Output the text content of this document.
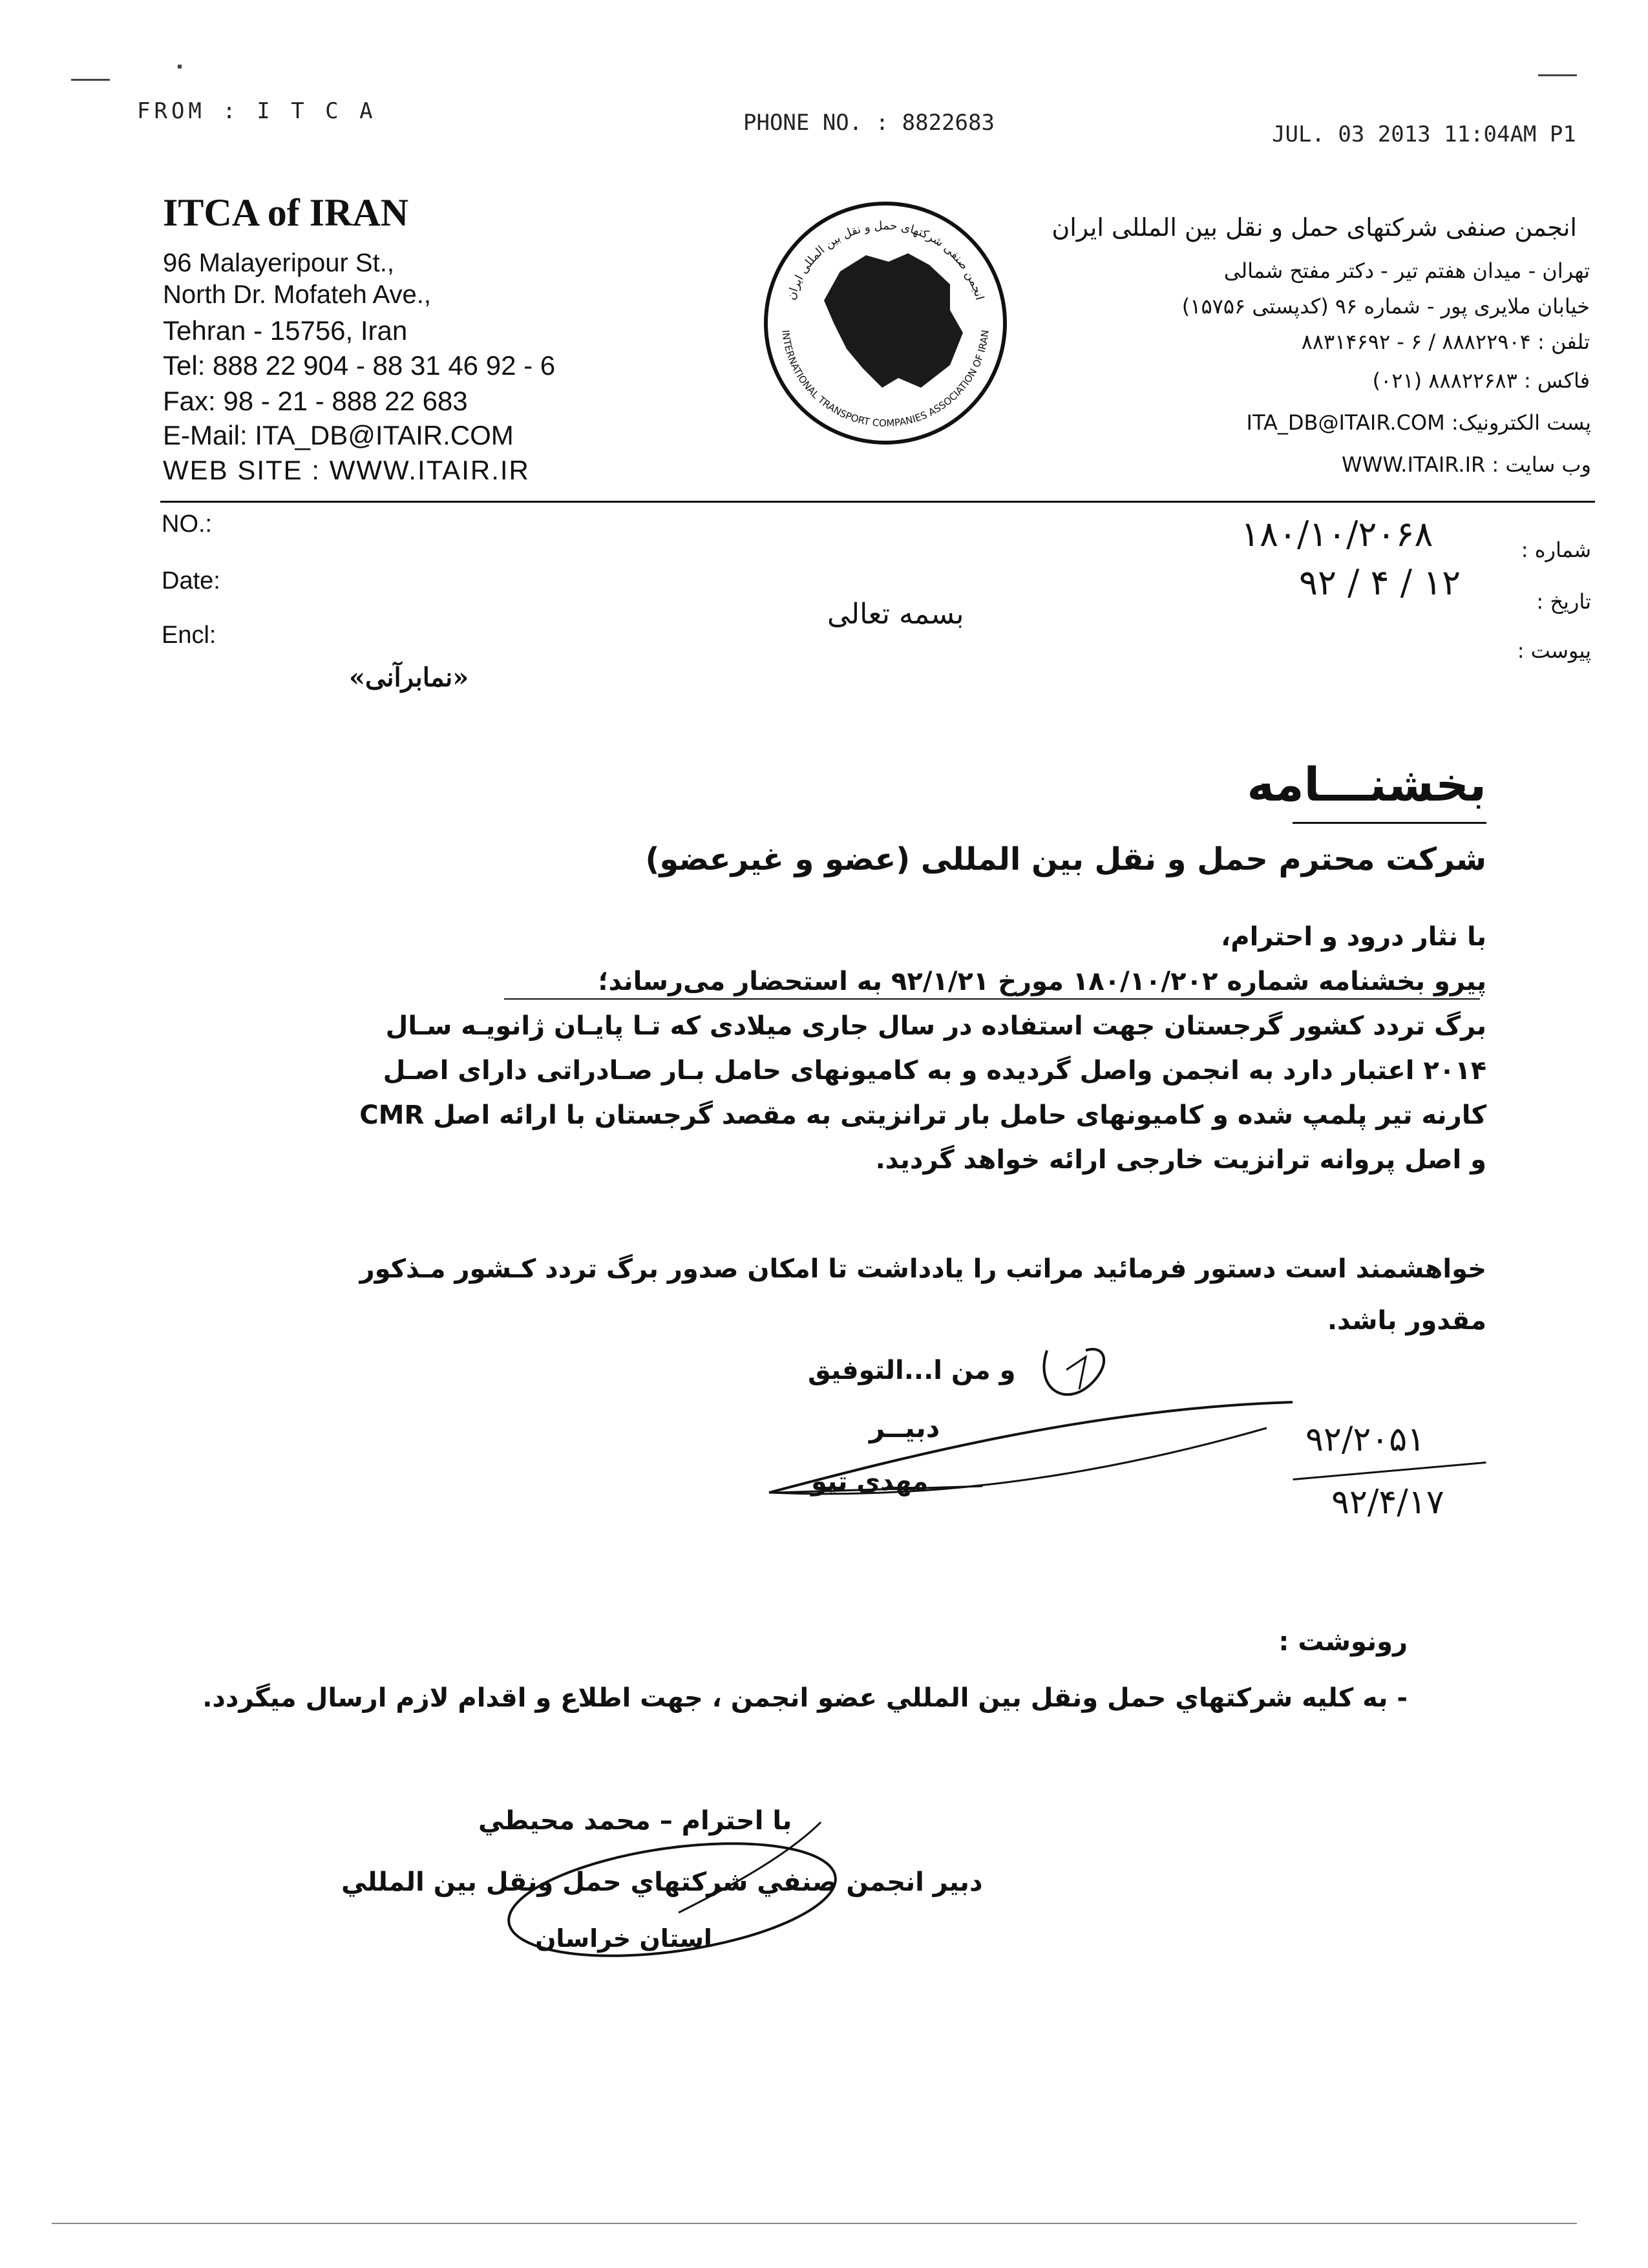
FROM : I T C A	PHONE NO. : 8822683	JUL. 03 2013 11:04AM P1
ITCA of IRAN
96 Malayeripour St.,
North Dr. Mofateh Ave.,
Tehran - 15756, Iran
Tel: 888 22 904 - 88 31 46 92 - 6
Fax: 98 - 21 - 888 22 683
E-Mail: ITA_DB@ITAIR.COM
WEB SITE : WWW.ITAIR.IR
انجمن صنفی شرکتهای حمل و نقل بین المللی ایران
INTERNATIONAL TRANSPORT COMPANIES ASSOCIATION OF IRAN
انجمن صنفی شرکتهای حمل و نقل بین المللی ایران
تهران - میدان هفتم تیر - دکتر مفتح شمالی
خیابان ملایری پور - شماره ۹۶ (کدپستی ۱۵۷۵۶)
تلفن : ۸۸۸۲۲۹۰۴ / ۶ - ۸۸۳۱۴۶۹۲
فاکس : ۸۸۸۲۲۶۸۳ (۰۲۱)
پست الکترونیک: ITA_DB@ITAIR.COM
وب سایت : WWW.ITAIR.IR
NO.:
Date:
Encl:
شماره :
تاریخ :
پیوست :
۱۸۰/۱۰/۲۰۶۸
۹۲ / ۴ / ۱۲
بسمه تعالی
«نمابرآنی»
بخشنـــامه
شرکت محترم حمل و نقل بین المللی (عضو و غیرعضو)
با نثار درود و احترام،
پیرو بخشنامه شماره ۱۸۰/۱۰/۲۰۲ مورخ ۹۲/۱/۲۱ به استحضار می‌رساند؛
برگ تردد کشور گرجستان جهت استفاده در سال جاری میلادی که تـا پایـان ژانویـه سـال
۲۰۱۴ اعتبار دارد به انجمن واصل گردیده و به کامیونهای حامل بـار صـادراتی دارای اصـل
کارنه تیر پلمپ شده و کامیونهای حامل بار ترانزیتی به مقصد گرجستان با ارائه اصل CMR
و اصل پروانه ترانزیت خارجی ارائه خواهد گردید.
خواهشمند است دستور فرمائید مراتب را یادداشت تا امکان صدور برگ تردد کـشور مـذکور
مقدور باشد.
و من ا...التوفیق
دبیــر
مهدی تیو
۹۲/۲۰۵۱
۹۲/۴/۱۷
رونوشت :
- به کلیه شرکتهاي حمل ونقل بین المللي عضو انجمن ، جهت اطلاع و اقدام لازم ارسال میگردد.
با احترام – محمد محیطي
دبیر انجمن صنفي شرکتهاي حمل ونقل بین المللي
استان خراسان
